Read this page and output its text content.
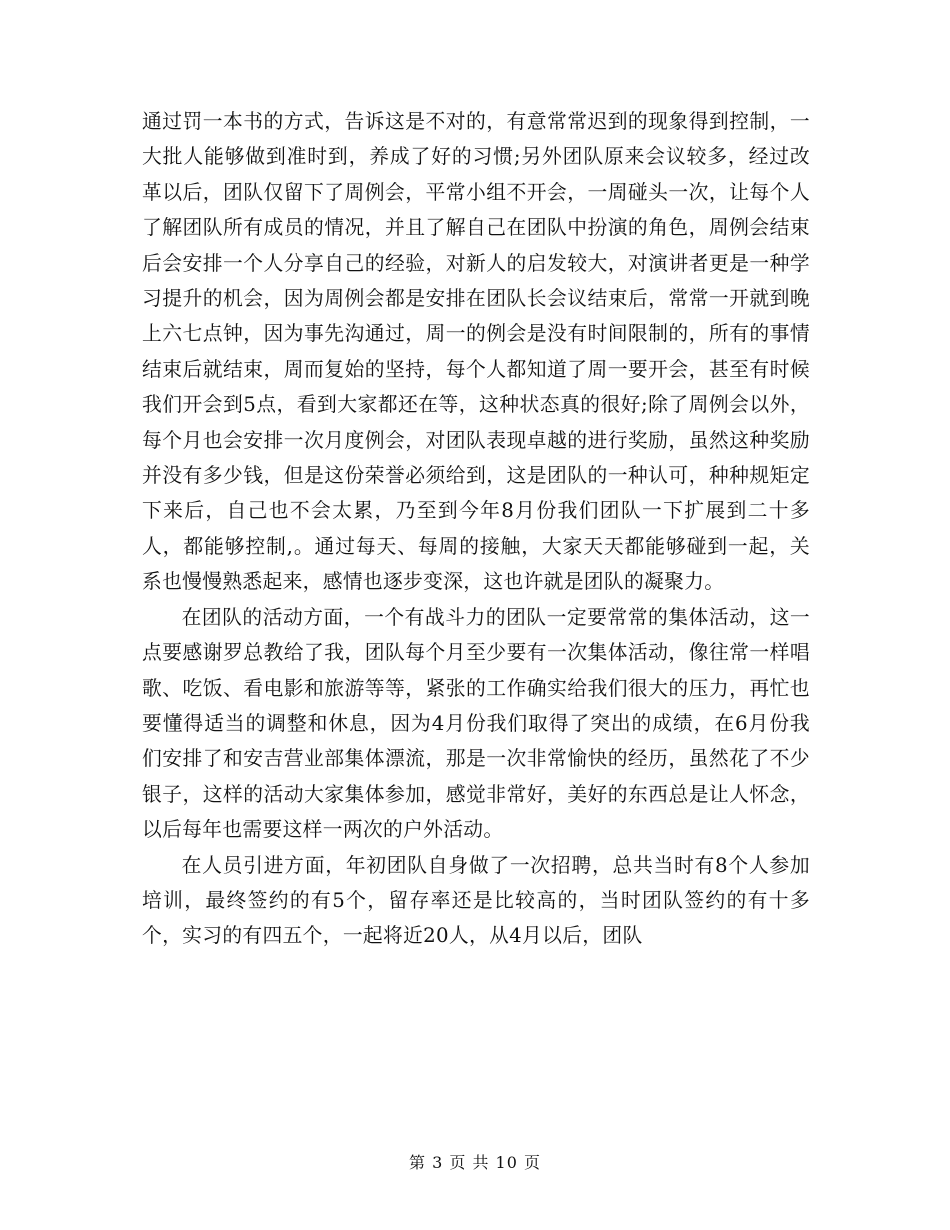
通过罚一本书的方式，告诉这是不对的，有意常常迟到的现象得到控制，一大批人能够做到准时到，养成了好的习惯;另外团队原来会议较多，经过改革以后，团队仅留下了周例会，平常小组不开会，一周碰头一次，让每个人了解团队所有成员的情况，并且了解自己在团队中扮演的角色，周例会结束后会安排一个人分享自己的经验，对新人的启发较大，对演讲者更是一种学习提升的机会，因为周例会都是安排在团队长会议结束后，常常一开就到晚上六七点钟，因为事先沟通过，周一的例会是没有时间限制的，所有的事情结束后就结束，周而复始的坚持，每个人都知道了周一要开会，甚至有时候我们开会到5点，看到大家都还在等，这种状态真的很好;除了周例会以外，每个月也会安排一次月度例会，对团队表现卓越的进行奖励，虽然这种奖励并没有多少钱，但是这份荣誉必须给到，这是团队的一种认可，种种规矩定下来后，自己也不会太累，乃至到今年8月份我们团队一下扩展到二十多人，都能够控制,。通过每天、每周的接触，大家天天都能够碰到一起，关系也慢慢熟悉起来，感情也逐步变深，这也许就是团队的凝聚力。

在团队的活动方面，一个有战斗力的团队一定要常常的集体活动，这一点要感谢罗总教给了我，团队每个月至少要有一次集体活动，像往常一样唱歌、吃饭、看电影和旅游等等，紧张的工作确实给我们很大的压力，再忙也要懂得适当的调整和休息，因为4月份我们取得了突出的成绩，在6月份我们安排了和安吉营业部集体漂流，那是一次非常愉快的经历，虽然花了不少银子，这样的活动大家集体参加，感觉非常好，美好的东西总是让人怀念，以后每年也需要这样一两次的户外活动。

在人员引进方面，年初团队自身做了一次招聘，总共当时有8个人参加培训，最终签约的有5个，留存率还是比较高的，当时团队签约的有十多个，实习的有四五个，一起将近20人，从4月以后，团队

第 3 页 共 10 页
